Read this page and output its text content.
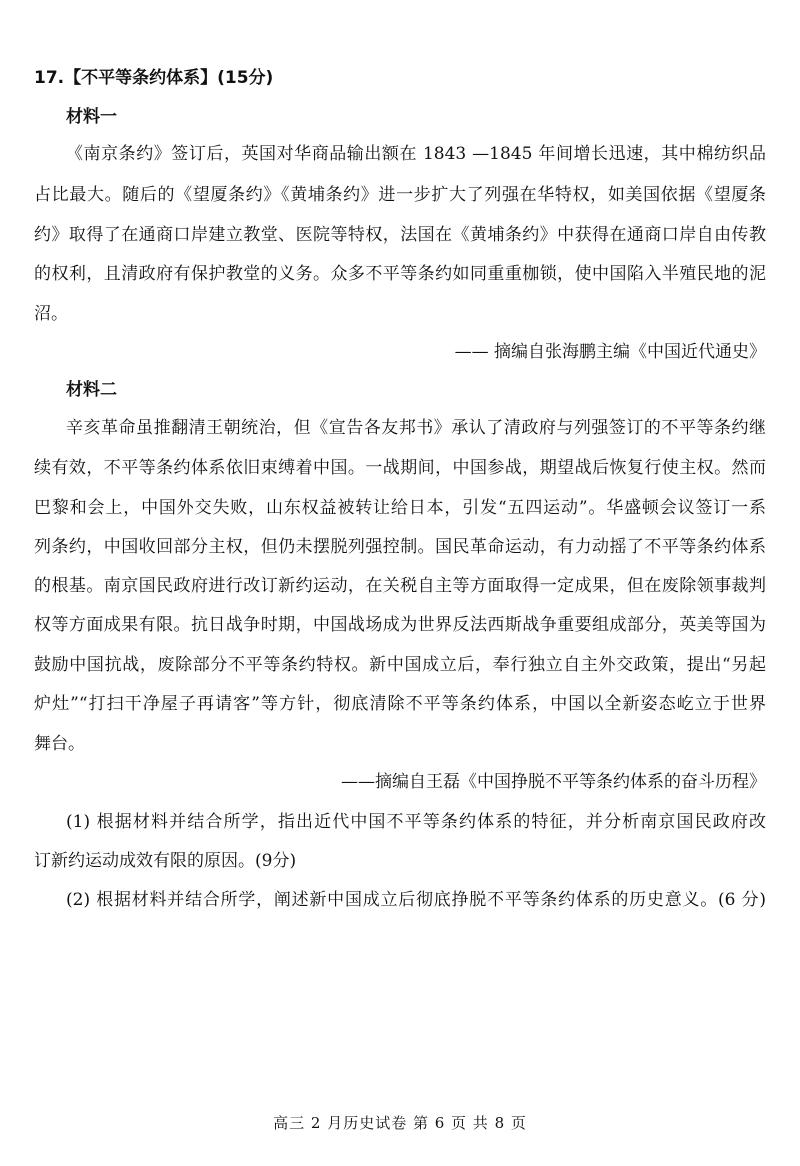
17.【不平等条约体系】(15分)

材料一

《南京条约》签订后，英国对华商品输出额在 1843 —1845 年间增长迅速，其中棉纺织品

占比最大。随后的《望厦条约》《黄埔条约》进一步扩大了列强在华特权，如美国依据《望厦条

约》取得了在通商口岸建立教堂、医院等特权，法国在《黄埔条约》中获得在通商口岸自由传教

的权利，且清政府有保护教堂的义务。众多不平等条约如同重重枷锁，使中国陷入半殖民地的泥

沼。

—— 摘编自张海鹏主编《中国近代通史》

材料二

辛亥革命虽推翻清王朝统治，但《宣告各友邦书》承认了清政府与列强签订的不平等条约继

续有效，不平等条约体系依旧束缚着中国。一战期间，中国参战，期望战后恢复行使主权。然而

巴黎和会上，中国外交失败，山东权益被转让给日本，引发“五四运动”。华盛顿会议签订一系

列条约，中国收回部分主权，但仍未摆脱列强控制。国民革命运动，有力动摇了不平等条约体系

的根基。南京国民政府进行改订新约运动，在关税自主等方面取得一定成果，但在废除领事裁判

权等方面成果有限。抗日战争时期，中国战场成为世界反法西斯战争重要组成部分，英美等国为

鼓励中国抗战，废除部分不平等条约特权。新中国成立后，奉行独立自主外交政策，提出“另起

炉灶”“打扫干净屋子再请客”等方针，彻底清除不平等条约体系，中国以全新姿态屹立于世界

舞台。

——摘编自王磊《中国挣脱不平等条约体系的奋斗历程》

(1) 根据材料并结合所学，指出近代中国不平等条约体系的特征，并分析南京国民政府改

订新约运动成效有限的原因。(9分)

(2) 根据材料并结合所学，阐述新中国成立后彻底挣脱不平等条约体系的历史意义。(6 分)

高三 2 月历史试卷 第 6 页 共 8 页
